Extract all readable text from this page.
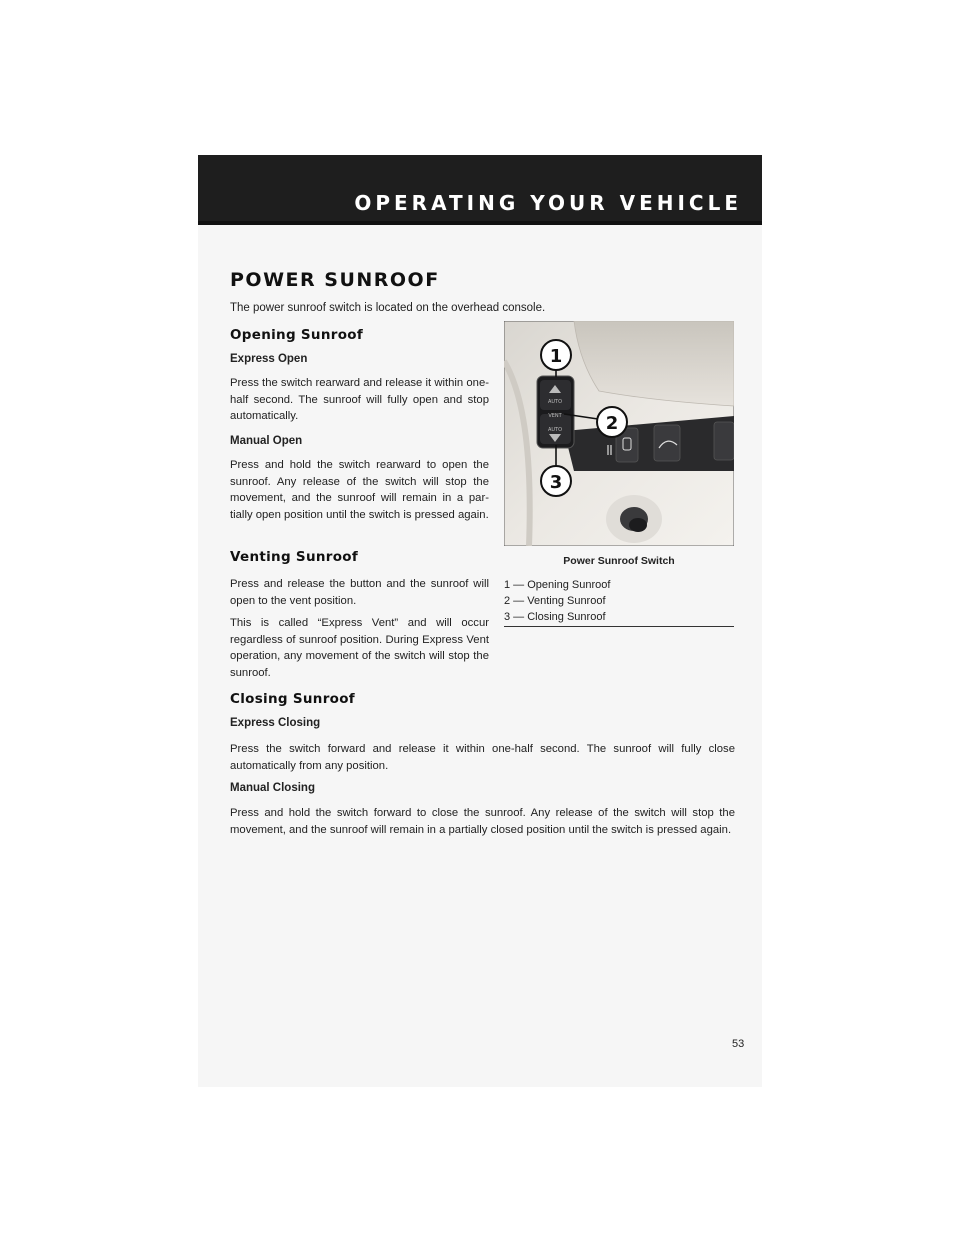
OPERATING YOUR VEHICLE
POWER SUNROOF
The power sunroof switch is located on the overhead console.
Opening Sunroof
Express Open

Press the switch rearward and release it within one-half second. The sunroof will fully open and stop automatically.

Manual Open

Press and hold the switch rearward to open the sunroof. Any release of the switch will stop the movement, and the sunroof will remain in a par-tially open position until the switch is pressed again.

Venting Sunroof

Press and release the button and the sunroof will open to the vent position.

This is called “Express Vent” and will occur regardless of sunroof position. During Express Vent operation, any movement of the switch will stop the sunroof.

AUTO
VENT
AUTO
1
2
3
Power Sunroof Switch
1 — Opening Sunroof
2 — Venting Sunroof
3 — Closing Sunroof
Closing Sunroof
Express Closing

Press the switch forward and release it within one-half second. The sunroof will fully close automatically from any position.

Manual Closing

Press and hold the switch forward to close the sunroof. Any release of the switch will stop the movement, and the sunroof will remain in a partially closed position until the switch is pressed again.

53
